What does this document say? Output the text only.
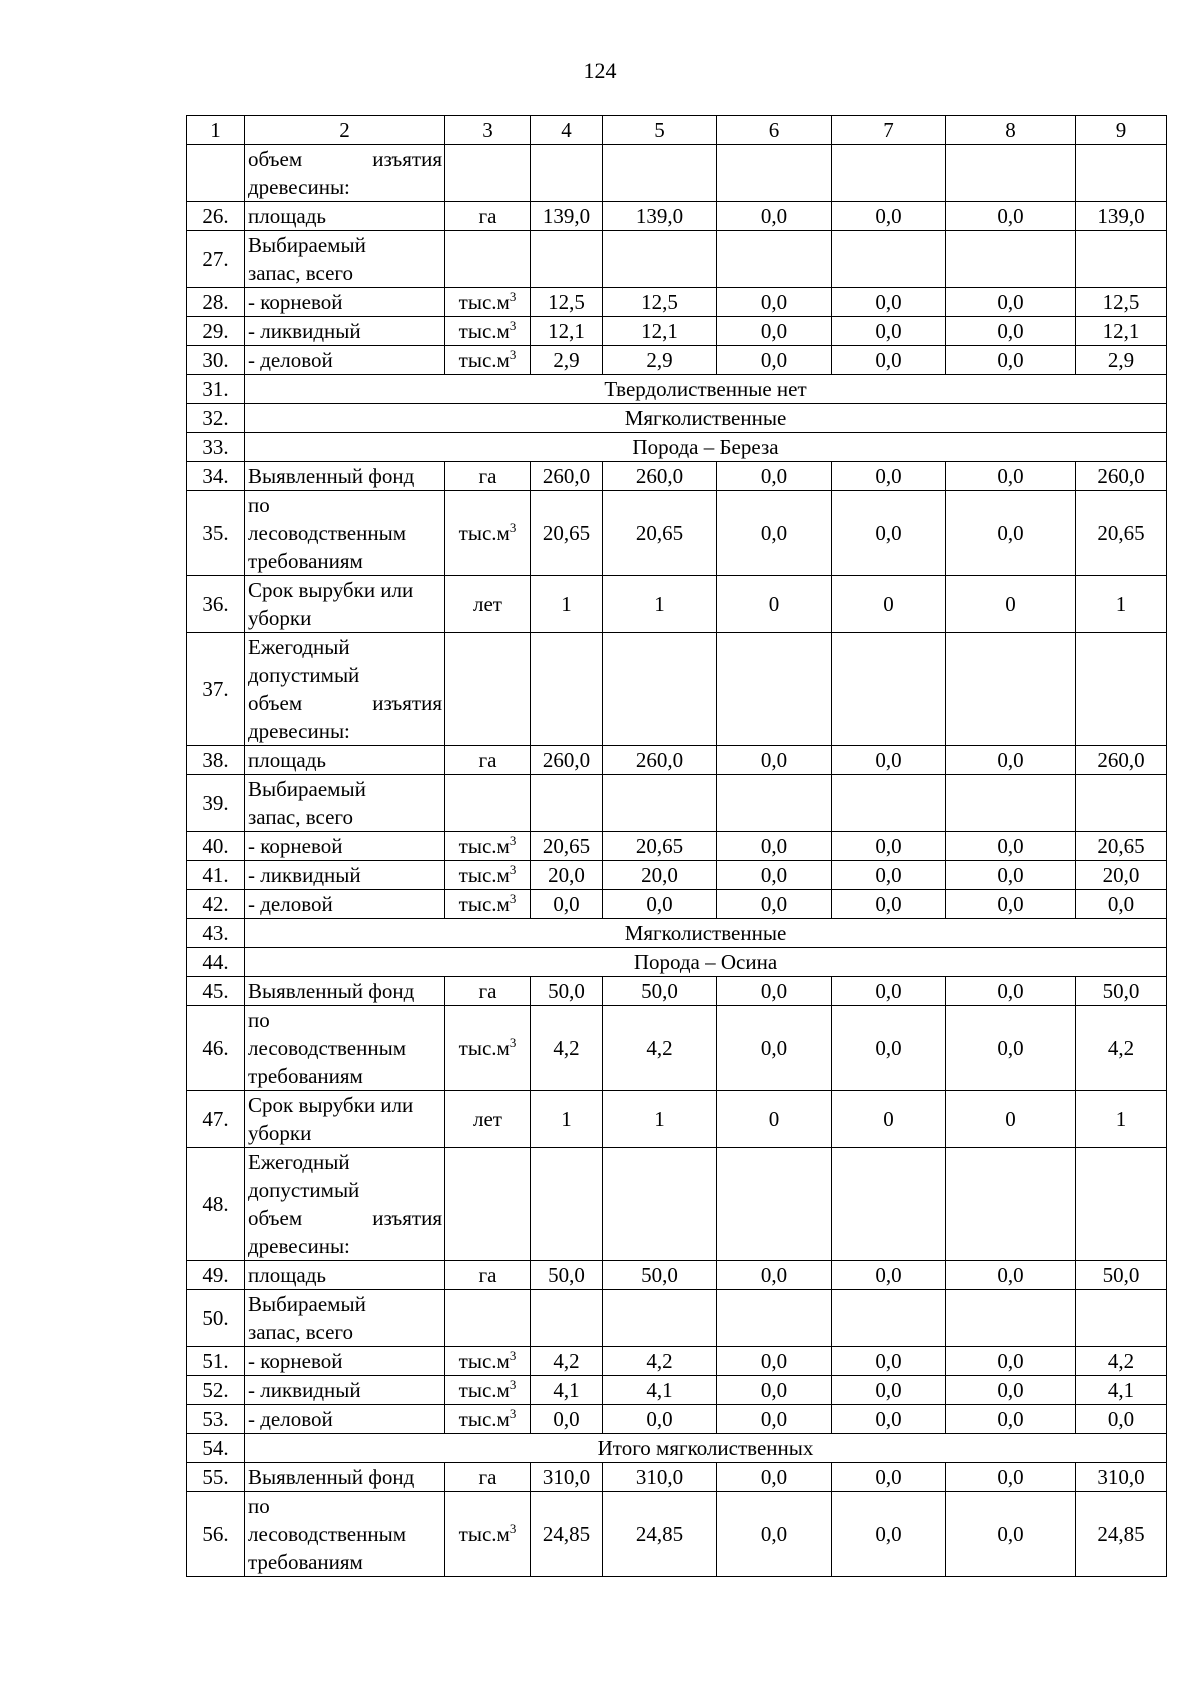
124
1	2	3	4	5	6	7	8	9

	объем изъятия
древесины:							

26.	площадь	га	139,0	139,0	0,0	0,0	0,0	139,0
27.	Выбираемый
запас, всего							

28.	- корневой	$тыс.м^3$	12,5	12,5	0,0	0,0	0,0	12,5
29.	- ликвидный	$тыс.м^3$	12,1	12,1	0,0	0,0	0,0	12,1
30.	- деловой	$тыс.м^3$	2,9	2,9	0,0	0,0	0,0	2,9
31.	Твердолиственные нет							
32.	Мягколиственные							
33.	Порода – Береза							
34.	Выявленный фонд	га	260,0	260,0	0,0	0,0	0,0	260,0
35.	по
лесоводственным
требованиям	$тыс.м^3$	20,65	20,65	0,0	0,0	0,0	20,65
36.	Срок вырубки или
уборки	лет	1	1	0	0	0	1
37.	Ежегодный
допустимый
объем изъятия
древесины:							

38.	площадь	га	260,0	260,0	0,0	0,0	0,0	260,0
39.	Выбираемый
запас, всего							

40.	- корневой	$тыс.м^3$	20,65	20,65	0,0	0,0	0,0	20,65
41.	- ликвидный	$тыс.м^3$	20,0	20,0	0,0	0,0	0,0	20,0
42.	- деловой	$тыс.м^3$	0,0	0,0	0,0	0,0	0,0	0,0
43.	Мягколиственные							
44.	Порода – Осина							
45.	Выявленный фонд	га	50,0	50,0	0,0	0,0	0,0	50,0
46.	по
лесоводственным
требованиям	$тыс.м^3$	4,2	4,2	0,0	0,0	0,0	4,2
47.	Срок вырубки или
уборки	лет	1	1	0	0	0	1
48.	Ежегодный
допустимый
объем изъятия
древесины:							

49.	площадь	га	50,0	50,0	0,0	0,0	0,0	50,0
50.	Выбираемый
запас, всего							

51.	- корневой	$тыс.м^3$	4,2	4,2	0,0	0,0	0,0	4,2
52.	- ликвидный	$тыс.м^3$	4,1	4,1	0,0	0,0	0,0	4,1
53.	- деловой	$тыс.м^3$	0,0	0,0	0,0	0,0	0,0	0,0
54.	Итого мягколиственных							
55.	Выявленный фонд	га	310,0	310,0	0,0	0,0	0,0	310,0
56.	по
лесоводственным
требованиям	$тыс.м^3$	24,85	24,85	0,0	0,0	0,0	24,85
